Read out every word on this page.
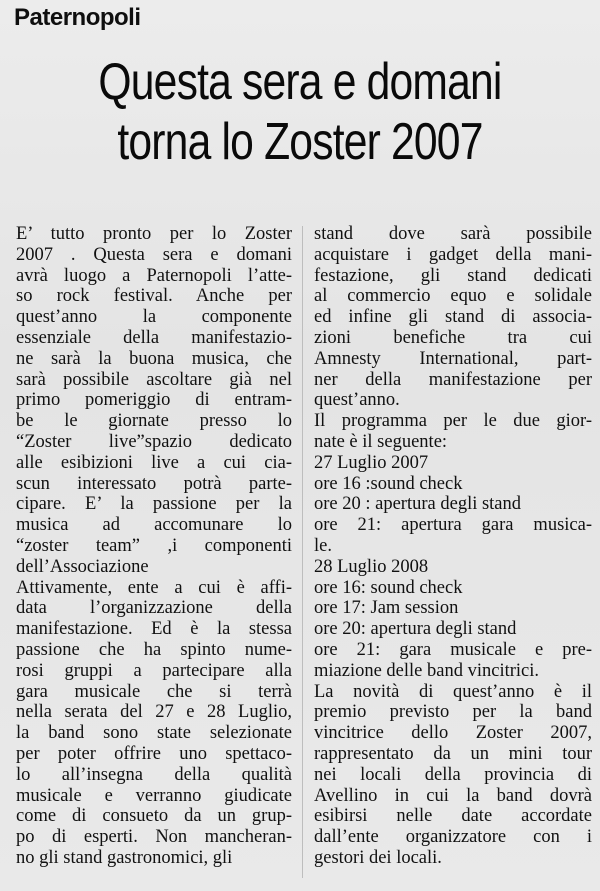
Paternopoli
Questa sera e domani
torna lo Zoster 2007
E’ tutto pronto per lo Zoster
2007 . Questa sera e domani
avrà luogo a Paternopoli l’atte-
so rock festival. Anche per
quest’anno la componente
essenziale della manifestazio-
ne sarà la buona musica, che
sarà possibile ascoltare già nel
primo pomeriggio di entram-
be le giornate presso lo
“Zoster live”spazio dedicato
alle esibizioni live a cui cia-
scun interessato potrà parte-
cipare. E’ la passione per la
musica ad accomunare lo
“zoster team” ,i componenti
dell’Associazione
Attivamente, ente a cui è affi-
data l’organizzazione della
manifestazione. Ed è la stessa
passione che ha spinto nume-
rosi gruppi a partecipare alla
gara musicale che si terrà
nella serata del 27 e 28 Luglio,
la band sono state selezionate
per poter offrire uno spettaco-
lo all’insegna della qualità
musicale e verranno giudicate
come di consueto da un grup-
po di esperti. Non mancheran-
no gli stand gastronomici, gli
stand dove sarà possibile
acquistare i gadget della mani-
festazione, gli stand dedicati
al commercio equo e solidale
ed infine gli stand di associa-
zioni benefiche tra cui
Amnesty International, part-
ner della manifestazione per
quest’anno.
Il programma per le due gior-
nate è il seguente:
27 Luglio 2007
ore 16 :sound check
ore 20 : apertura degli stand
ore 21: apertura gara musica-
le.
28 Luglio 2008
ore 16: sound check
ore 17: Jam session
ore 20: apertura degli stand
ore 21: gara musicale e pre-
miazione delle band vincitrici.
La novità di quest’anno è il
premio previsto per la band
vincitrice dello Zoster 2007,
rappresentato da un mini tour
nei locali della provincia di
Avellino in cui la band dovrà
esibirsi nelle date accordate
dall’ente organizzatore con i
gestori dei locali.
